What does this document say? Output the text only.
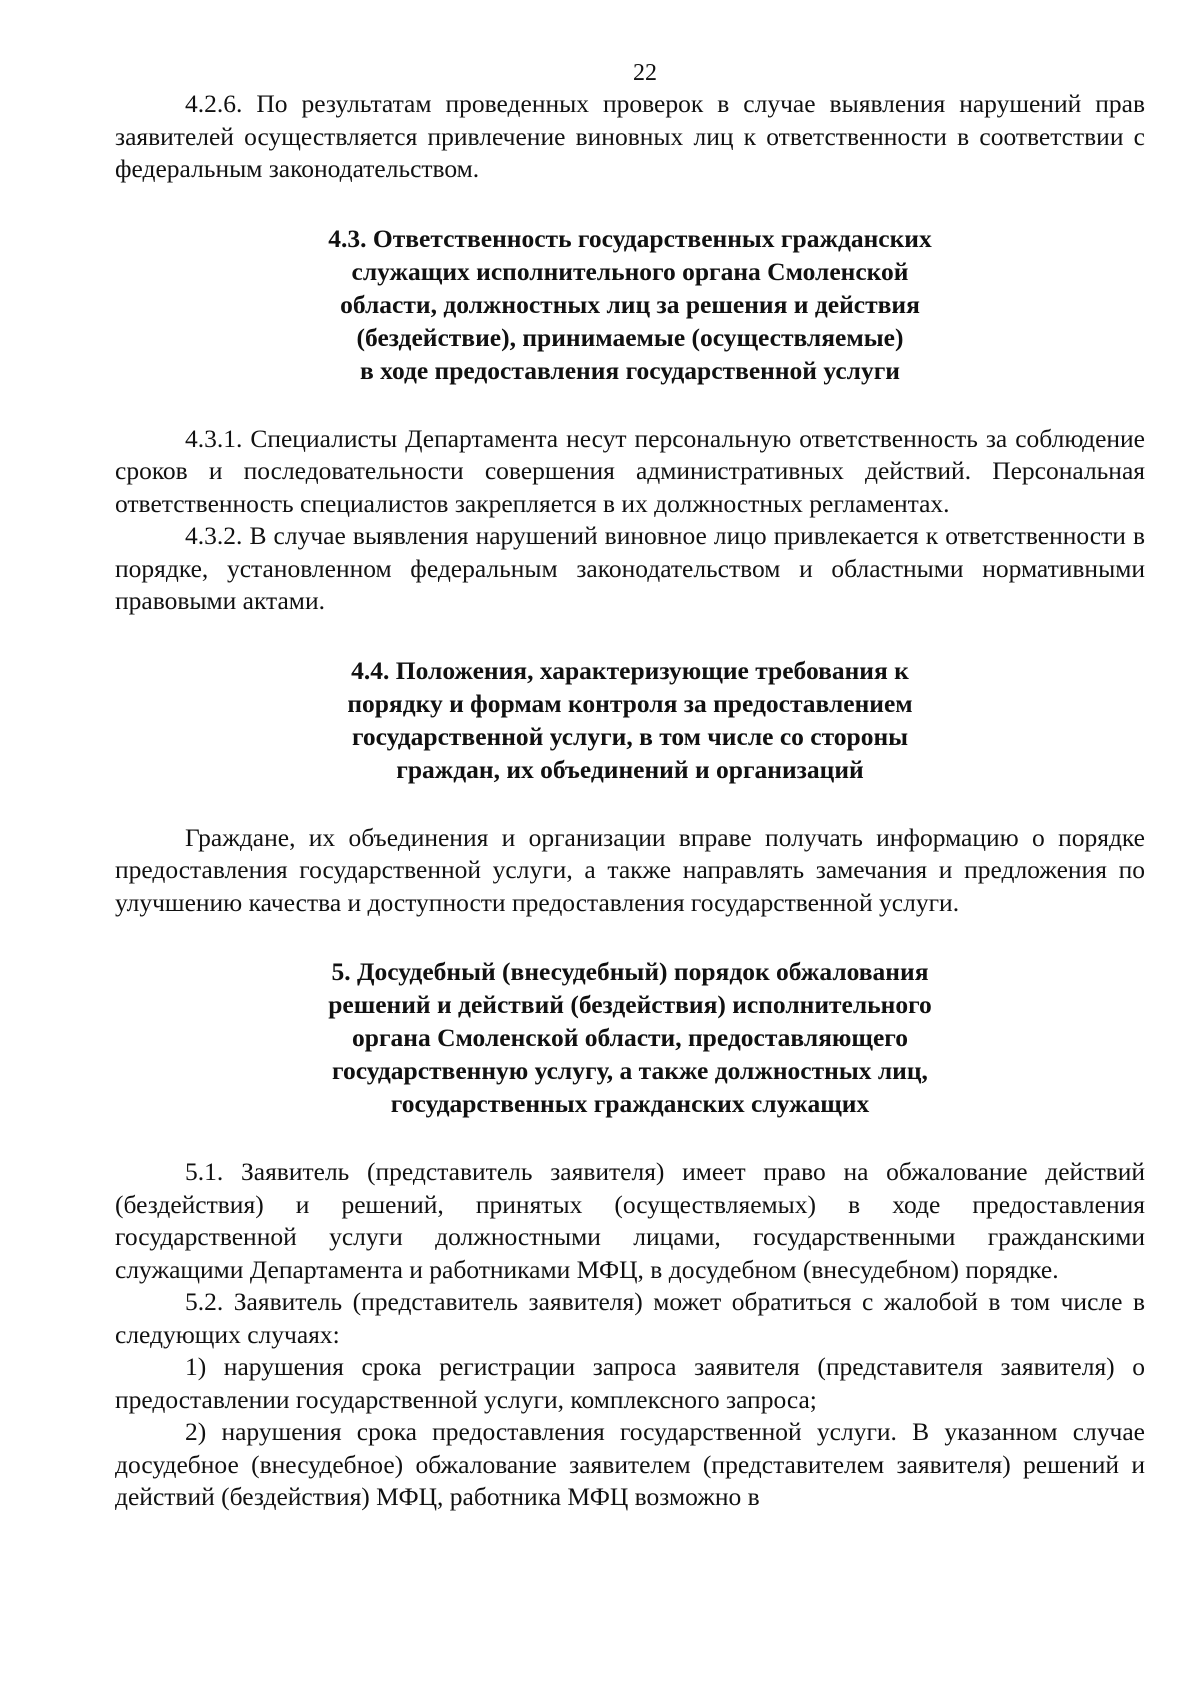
22

4.2.6. По результатам проведенных проверок в случае выявления нарушений прав заявителей осуществляется привлечение виновных лиц к ответственности в соответствии с федеральным законодательством.

4.3. Ответственность государственных гражданских
служащих исполнительного органа Смоленской
области, должностных лиц за решения и действия
(бездействие), принимаемые (осуществляемые)
в ходе предоставления государственной услуги

4.3.1. Специалисты Департамента несут персональную ответственность за соблюдение сроков и последовательности совершения административных действий. Персональная ответственность специалистов закрепляется в их должностных регламентах.

4.3.2. В случае выявления нарушений виновное лицо привлекается к ответственности в порядке, установленном федеральным законодательством и областными нормативными правовыми актами.

4.4. Положения, характеризующие требования к
порядку и формам контроля за предоставлением
государственной услуги, в том числе со стороны
граждан, их объединений и организаций

Граждане, их объединения и организации вправе получать информацию о порядке предоставления государственной услуги, а также направлять замечания и предложения по улучшению качества и доступности предоставления государственной услуги.

5. Досудебный (внесудебный) порядок обжалования
решений и действий (бездействия) исполнительного
органа Смоленской области, предоставляющего
государственную услугу, а также должностных лиц,
государственных гражданских служащих

5.1. Заявитель (представитель заявителя) имеет право на обжалование действий (бездействия) и решений, принятых (осуществляемых) в ходе предоставления государственной услуги должностными лицами, государственными гражданскими служащими Департамента и работниками МФЦ, в досудебном (внесудебном) порядке.

5.2. Заявитель (представитель заявителя) может обратиться с жалобой в том числе в следующих случаях:

1) нарушения срока регистрации запроса заявителя (представителя заявителя) о предоставлении государственной услуги, комплексного запроса;

2) нарушения срока предоставления государственной услуги. В указанном случае досудебное (внесудебное) обжалование заявителем (представителем заявителя) решений и действий (бездействия) МФЦ, работника МФЦ возможно в
